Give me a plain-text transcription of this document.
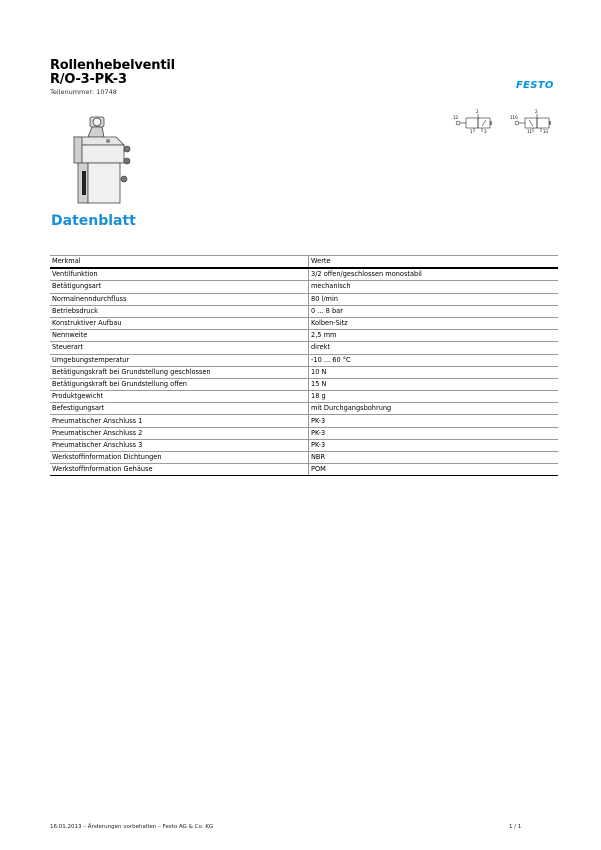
Rollenhebelventil
R/O-3-PK-3
Teilenummer: 10748
FESTO
2
12
1	3
2
110
11	33
Datenblatt
Merkmal	Werte
Ventilfunktion	3/2 offen/geschlossen monostabil
Betätigungsart	mechanisch
Normalnenndurchfluss	80 l/min
Betriebsdruck	0 ... 8 bar
Konstruktiver Aufbau	Kolben-Sitz
Nennweite	2,5 mm
Steuerart	direkt
Umgebungstemperatur	-10 ... 60 °C
Betätigungskraft bei Grundstellung geschlossen	10 N
Betätigungskraft bei Grundstellung offen	15 N
Produktgewicht	18 g
Befestigungsart	mit Durchgangsbohrung
Pneumatischer Anschluss 1	PK-3
Pneumatischer Anschluss 2	PK-3
Pneumatischer Anschluss 3	PK-3
Werkstoffinformation Dichtungen	NBR
Werkstoffinformation Gehäuse	POM
16.01.2013 – Änderungen vorbehalten – Festo AG & Co. KG	1 / 1
